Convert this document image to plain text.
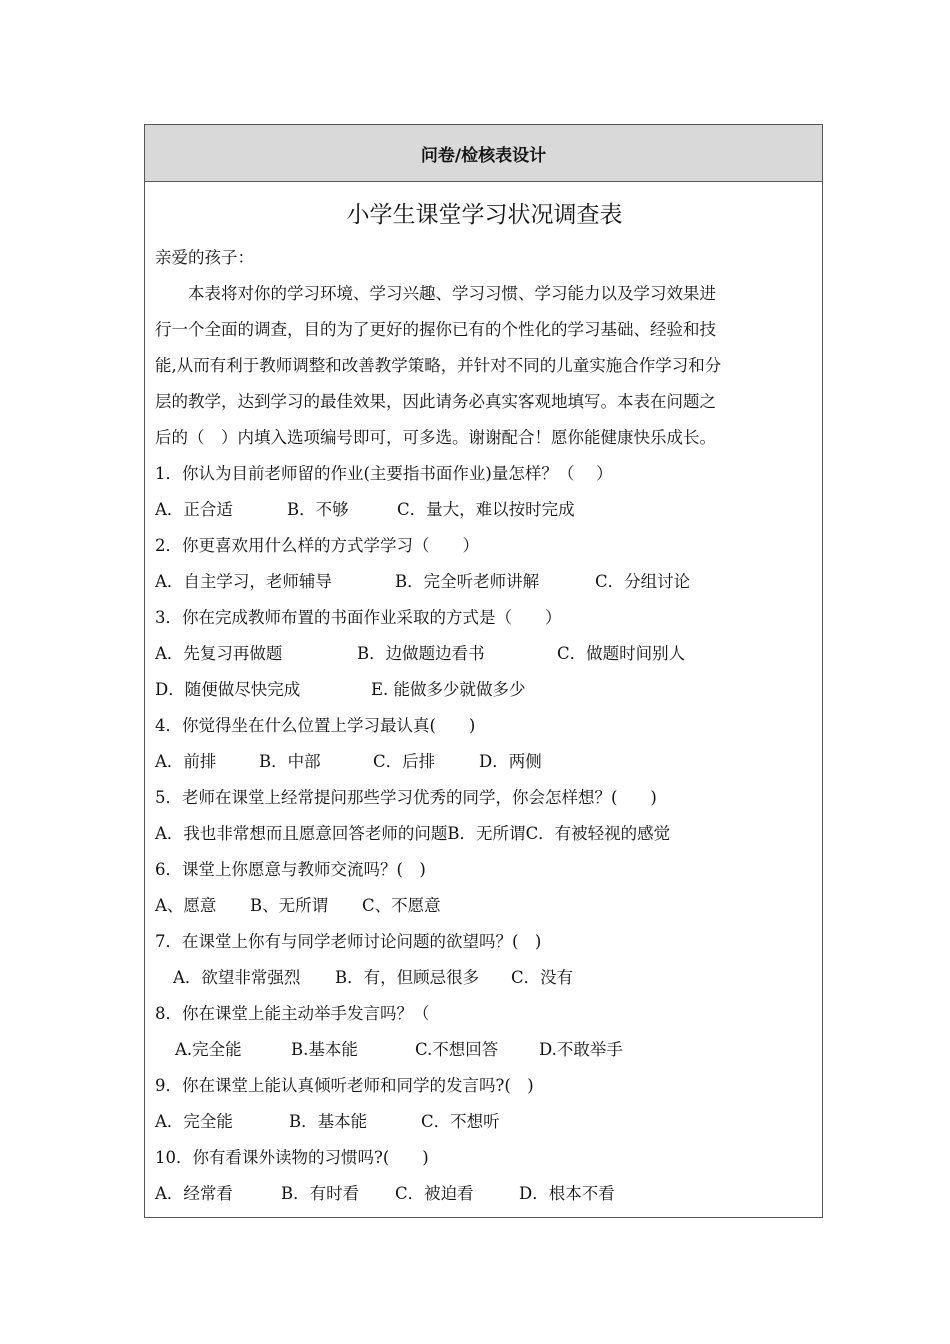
问卷/检核表设计
小学生课堂学习状况调查表
亲爱的孩子：
本表将对你的学习环境、学习兴趣、学习习惯、学习能力以及学习效果进
行一个全面的调查，目的为了更好的握你已有的个性化的学习基础、经验和技
能,从而有利于教师调整和改善教学策略，并针对不同的儿童实施合作学习和分
层的教学，达到学习的最佳效果，因此请务必真实客观地填写。本表在问题之
后的（　）内填入选项编号即可，可多选。谢谢配合！愿你能健康快乐成长。
1．你认为目前老师留的作业(主要指书面作业)量怎样？（　 ）
A．正合适	B．不够	C．量大，难以按时完成
2．你更喜欢用什么样的方式学学习（　　）
A．自主学习，老师辅导	B．完全听老师讲解	C．分组讨论
3．你在完成教师布置的书面作业采取的方式是（　　）
A．先复习再做题	B．边做题边看书	C．做题时间别人
D．随便做尽快完成	E. 能做多少就做多少
4．你觉得坐在什么位置上学习最认真(　　)
A．前排	B．中部	C．后排	D．两侧
5．老师在课堂上经常提问那些学习优秀的同学，你会怎样想？(　　)
A．我也非常想而且愿意回答老师的问题B．无所谓C．有被轻视的感觉
6．课堂上你愿意与教师交流吗？(　)
A、愿意 B、无所谓 C、不愿意
7．在课堂上你有与同学老师讨论问题的欲望吗？(　)
A．欲望非常强烈 B．有，但顾忌很多 C．没有
8．你在课堂上能主动举手发言吗？（
A.完全能	B.基本能	C.不想回答 D.不敢举手
9．你在课堂上能认真倾听老师和同学的发言吗?(　)
A．完全能	B．基本能	C．不想听
10．你有看课外读物的习惯吗?(　　)
A．经常看	B．有时看 C．被迫看	D．根本不看
